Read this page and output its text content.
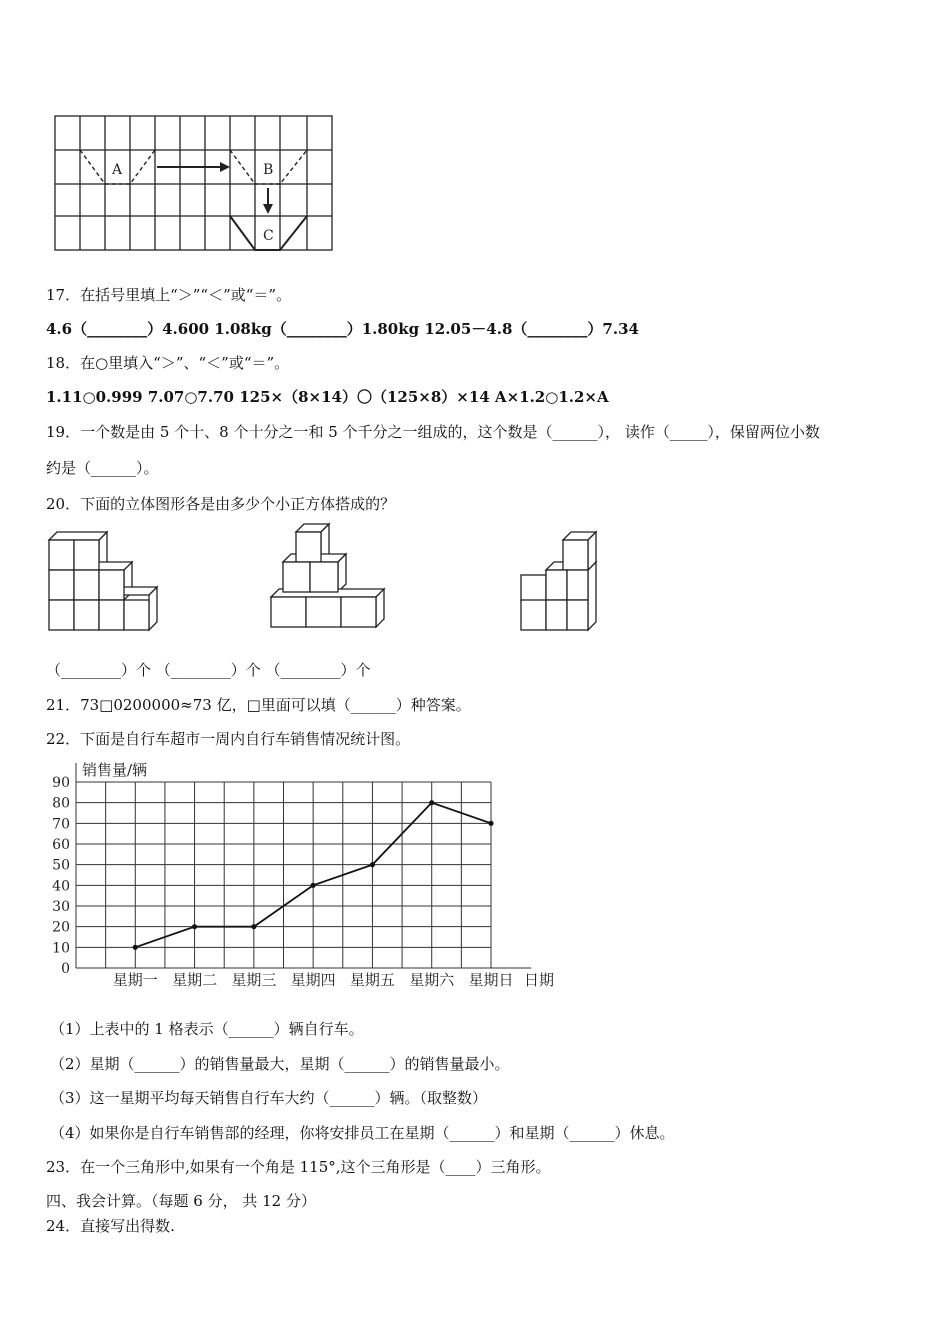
A	B
C
17．在括号里填上“＞”“＜”或“＝”。
4.6（________）4.600 1.08kg（________）1.80kg 12.05－4.8（________）7.34
18．在○里填入“＞”、“＜”或“＝”。
1.11○0.999 7.07○7.70 125×（8×14）〇（125×8）×14 A×1.2○1.2×A
19．一个数是由 5 个十、8 个十分之一和 5 个千分之一组成的，这个数是（______）， 读作（_____），保留两位小数
约是（______）。
20．下面的立体图形各是由多少个小正方体搭成的？
（________）个 （________）个 （________）个
21．73□0200000≈73 亿，□里面可以填（______）种答案。
22．下面是自行车超市一周内自行车销售情况统计图。
销售量/辆
0
10
20
30
40
50
60
70
80
90
星期一 星期二 星期三 星期四 星期五 星期六 星期日 日期
（1）上表中的 1 格表示（______）辆自行车。
（2）星期（______）的销售量最大，星期（______）的销售量最小。
（3）这一星期平均每天销售自行车大约（______）辆。（取整数）
（4）如果你是自行车销售部的经理，你将安排员工在星期（______）和星期（______）休息。
23．在一个三角形中,如果有一个角是 115°,这个三角形是（____）三角形。
四、我会计算。（每题 6 分， 共 12 分）
24．直接写出得数.
